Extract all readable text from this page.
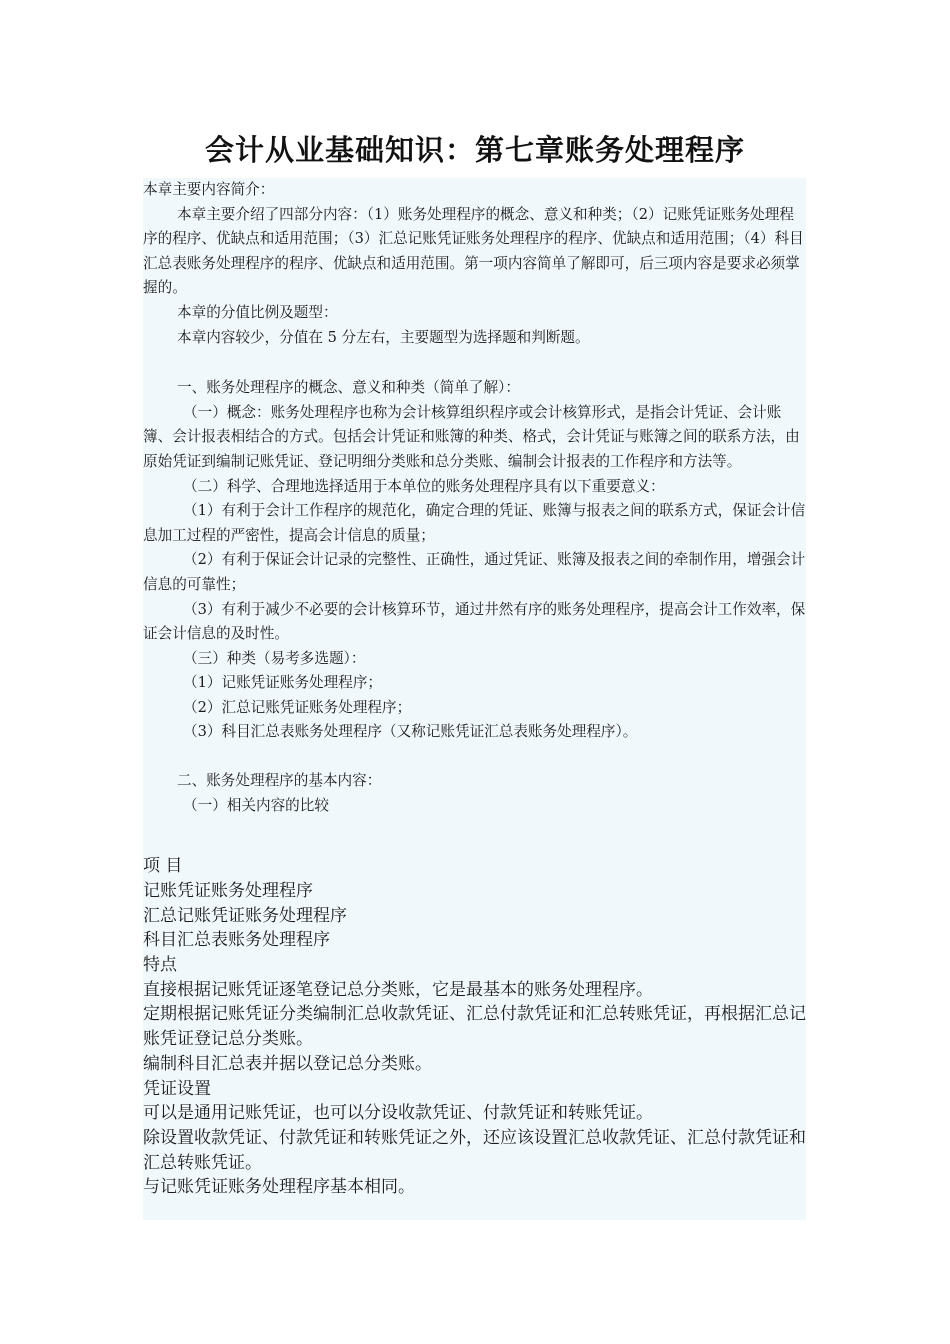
会计从业基础知识：第七章账务处理程序

本章主要内容简介：

本章主要介绍了四部分内容：（1）账务处理程序的概念、意义和种类；（2）记账凭证账务处理程序的程序、优缺点和适用范围；（3）汇总记账凭证账务处理程序的程序、优缺点和适用范围；（4）科目汇总表账务处理程序的程序、优缺点和适用范围。第一项内容简单了解即可，后三项内容是要求必须掌握的。

本章的分值比例及题型：

本章内容较少，分值在 5 分左右，主要题型为选择题和判断题。

一、账务处理程序的概念、意义和种类（简单了解）：

（一）概念：账务处理程序也称为会计核算组织程序或会计核算形式，是指会计凭证、会计账簿、会计报表相结合的方式。包括会计凭证和账簿的种类、格式，会计凭证与账簿之间的联系方法，由原始凭证到编制记账凭证、登记明细分类账和总分类账、编制会计报表的工作程序和方法等。

（二）科学、合理地选择适用于本单位的账务处理程序具有以下重要意义：

（1）有利于会计工作程序的规范化，确定合理的凭证、账簿与报表之间的联系方式，保证会计信息加工过程的严密性，提高会计信息的质量；

（2）有利于保证会计记录的完整性、正确性，通过凭证、账簿及报表之间的牵制作用，增强会计信息的可靠性；

（3）有利于减少不必要的会计核算环节，通过井然有序的账务处理程序，提高会计工作效率，保证会计信息的及时性。

（三）种类（易考多选题）：

（1）记账凭证账务处理程序；

（2）汇总记账凭证账务处理程序；

（3）科目汇总表账务处理程序（又称记账凭证汇总表账务处理程序）。

二、账务处理程序的基本内容：

（一）相关内容的比较

项 目

记账凭证账务处理程序

汇总记账凭证账务处理程序

科目汇总表账务处理程序

特点

直接根据记账凭证逐笔登记总分类账，它是最基本的账务处理程序。

定期根据记账凭证分类编制汇总收款凭证、汇总付款凭证和汇总转账凭证，再根据汇总记账凭证登记总分类账。

编制科目汇总表并据以登记总分类账。

凭证设置

可以是通用记账凭证，也可以分设收款凭证、付款凭证和转账凭证。

除设置收款凭证、付款凭证和转账凭证之外，还应该设置汇总收款凭证、汇总付款凭证和汇总转账凭证。

与记账凭证账务处理程序基本相同。
